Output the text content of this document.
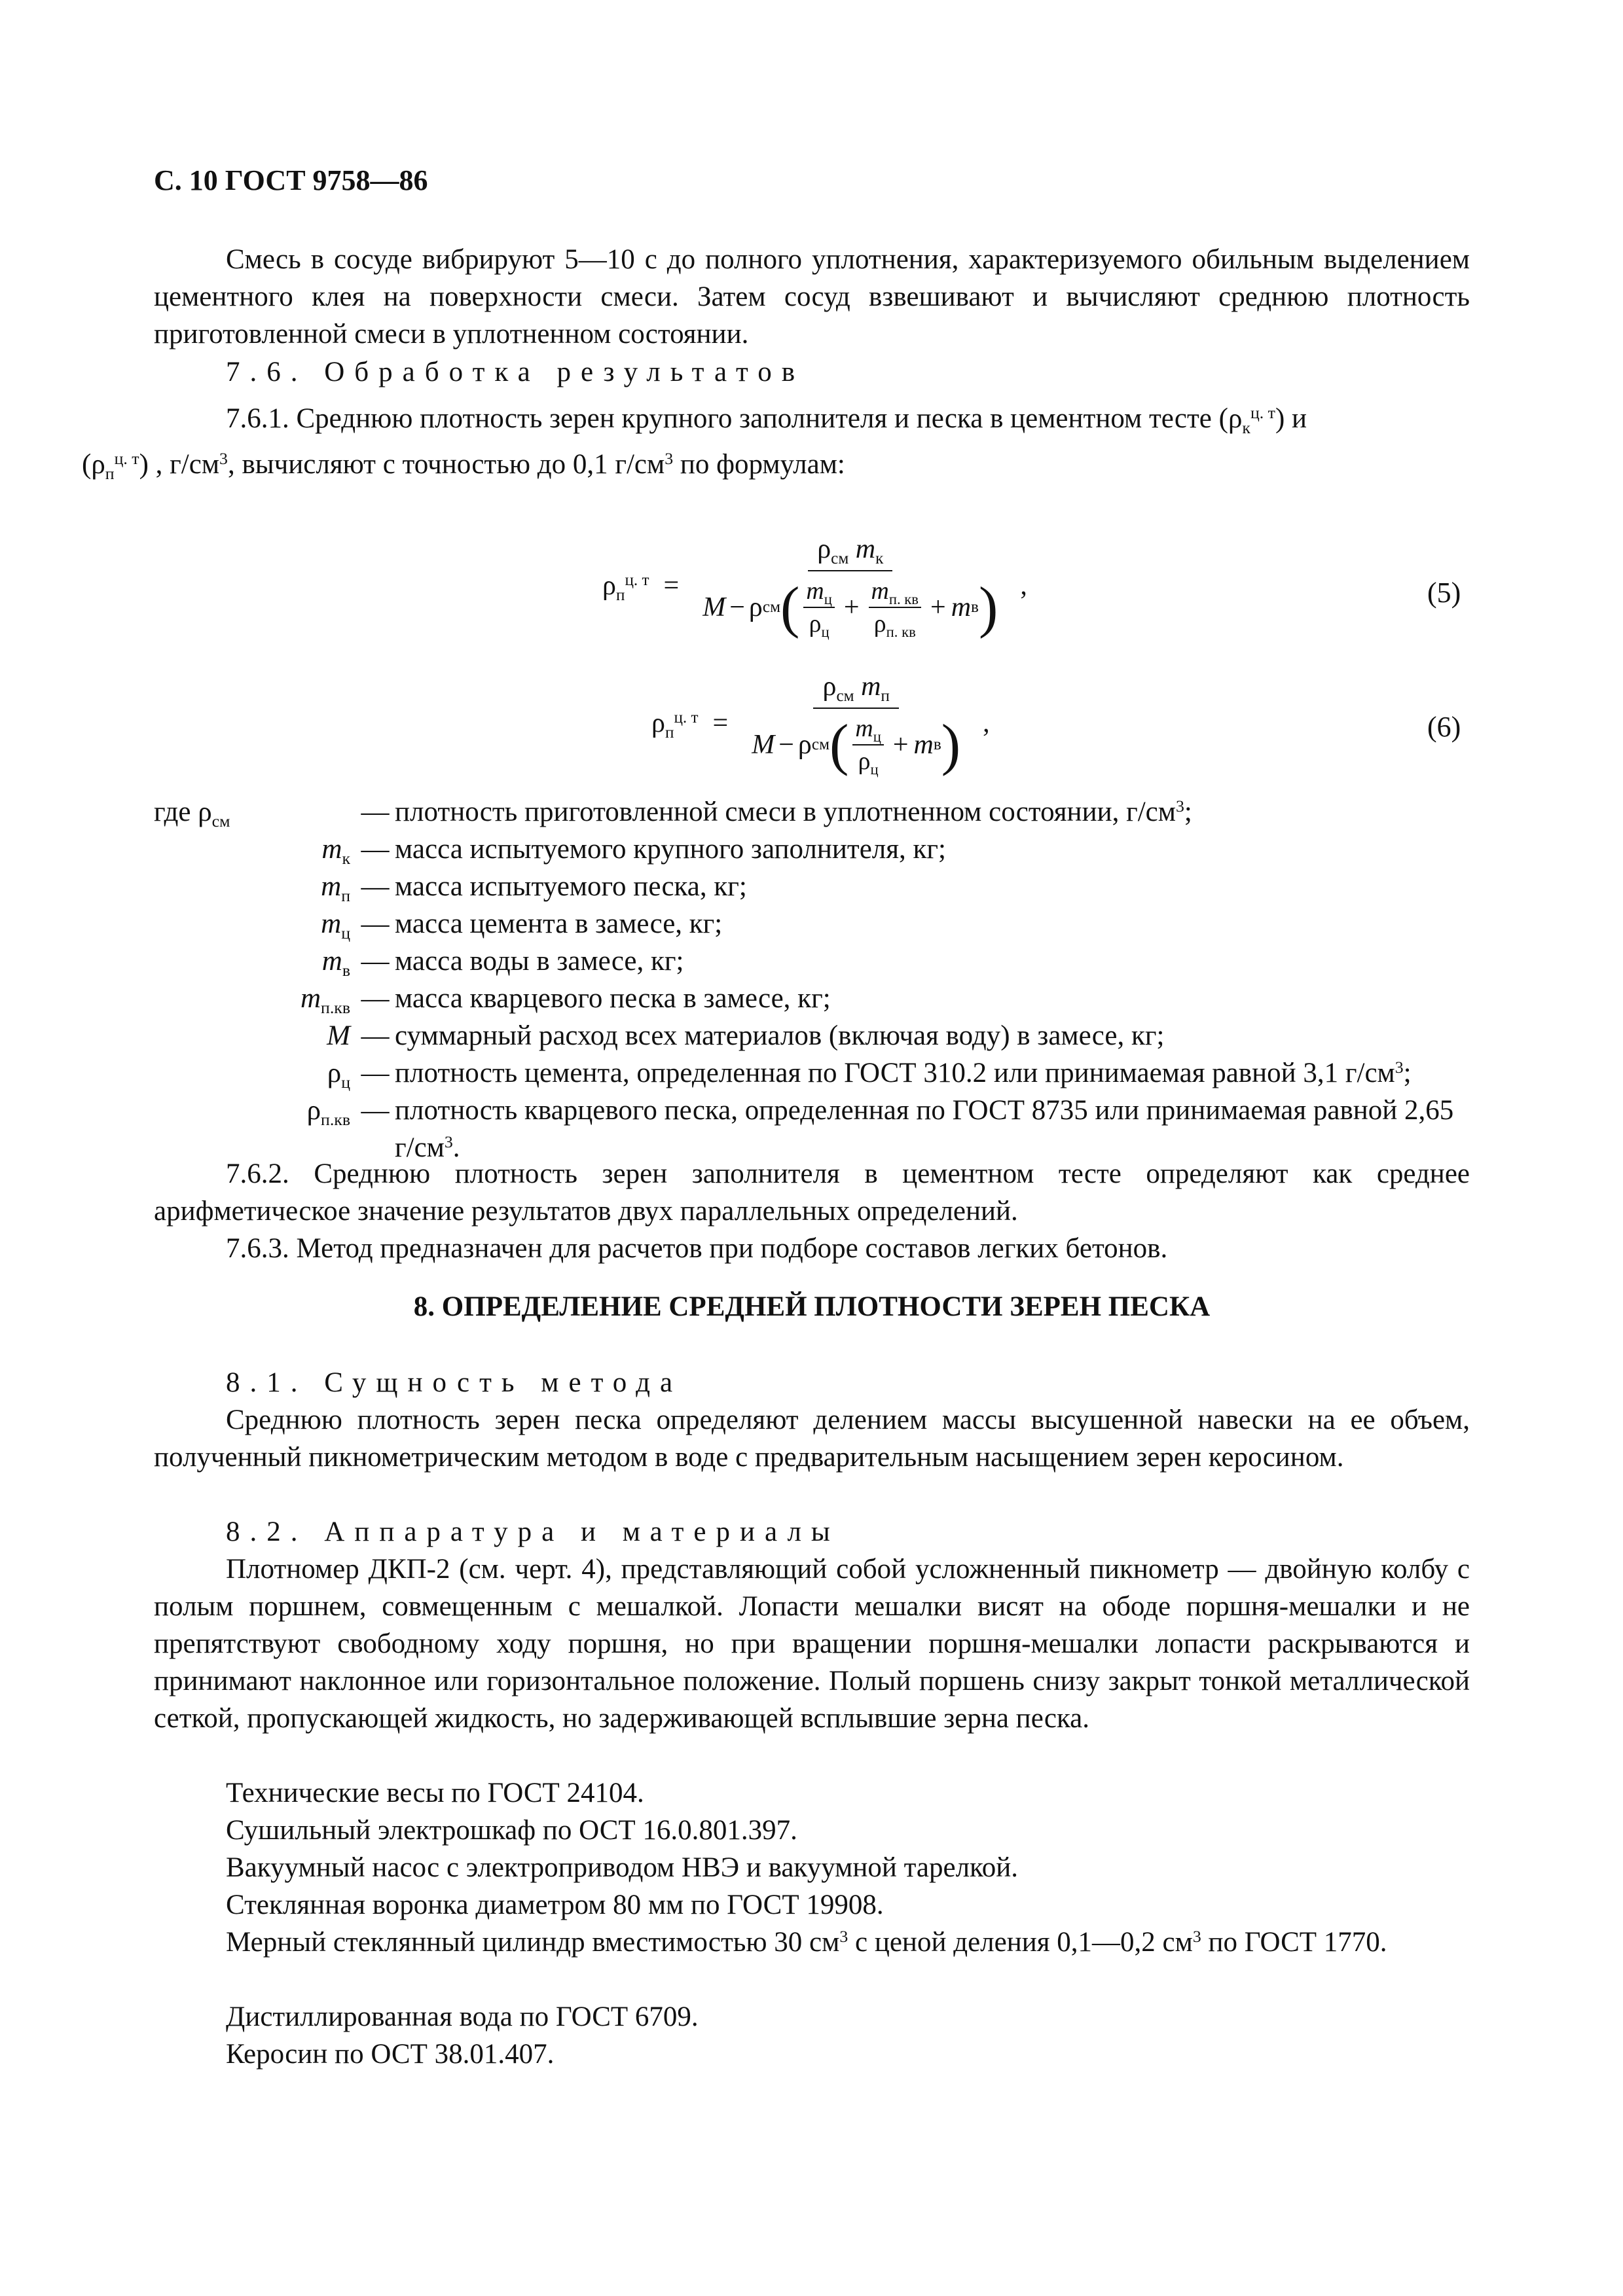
С. 10 ГОСТ 9758—86
Смесь в сосуде вибрируют 5—10 с до полного уплотнения, характеризуемого обильным выделением цементного клея на поверхности смеси. Затем сосуд взвешивают и вычисляют среднюю плотность приготовленной смеси в уплотненном состоянии.
7.6. Обработка результатов
7.6.1. Среднюю плотность зерен крупного заполнителя и песка в цементном тесте $(\rho_к^{ц. т})$ и
$(\rho_п^{ц. т})$ , $г/см^3$, вычисляют с точностью до 0,1 $г/см^3$ по формулам:
$\rho_п^{ц. т}$ =
$\rho_{см}$ $m_к$
M − ρ см ( $\frac{m_ц}{\rho_ц} + \frac{m_{п. кв}}{\rho_{п. кв}} + m$ в ) ,	(5)
$\rho_п^{ц. т} = \frac{\rho_{см} m_п}{M - \rho см ( \frac{m_ц}{\rho_ц} + m в )}$ ,	(6)
где $\rho_{см}$	— плотность приготовленной смеси в уплотненном состоянии, $г/см^3$;
$m_к$ — масса испытуемого крупного заполнителя, кг;
$m_п$ — масса испытуемого песка, кг;
$m_ц$ — масса цемента в замесе, кг;
$m_в$ — масса воды в замесе, кг;
$m_{п.кв}$ — масса кварцевого песка в замесе, кг;
M — суммарный расход всех материалов (включая воду) в замесе, кг;
$\rho_ц$ — плотность цемента, определенная по ГОСТ 310.2 или принимаемая равной 3,1 $г/см^3$;
$\rho_{п.кв}$ — плотность кварцевого песка, определенная по ГОСТ 8735 или принимаемая равной 2,65 $г/см^3$.
7.6.2. Среднюю плотность зерен заполнителя в цементном тесте определяют как среднее арифметическое значение результатов двух параллельных определений.
7.6.3. Метод предназначен для расчетов при подборе составов легких бетонов.
8. ОПРЕДЕЛЕНИЕ СРЕДНЕЙ ПЛОТНОСТИ ЗЕРЕН ПЕСКА
8.1. Сущность метода
Среднюю плотность зерен песка определяют делением массы высушенной навески на ее объем, полученный пикнометрическим методом в воде с предварительным насыщением зерен керосином.
8.2. Аппаратура и материалы
Плотномер ДКП-2 (см. черт. 4), представляющий собой усложненный пикнометр — двойную колбу с полым поршнем, совмещенным с мешалкой. Лопасти мешалки висят на ободе поршня-мешалки и не препятствуют свободному ходу поршня, но при вращении поршня-мешалки лопасти раскрываются и принимают наклонное или горизонтальное положение. Полый поршень снизу закрыт тонкой металлической сеткой, пропускающей жидкость, но задерживающей всплывшие зерна песка.
Технические весы по ГОСТ 24104.
Сушильный электрошкаф по ОСТ 16.0.801.397.
Вакуумный насос с электроприводом НВЭ и вакуумной тарелкой.
Стеклянная воронка диаметром 80 мм по ГОСТ 19908.
Мерный стеклянный цилиндр вместимостью 30 $см^3$ с ценой деления 0,1—0,2 $см^3$ по ГОСТ 1770.
Дистиллированная вода по ГОСТ 6709.
Керосин по ОСТ 38.01.407.
